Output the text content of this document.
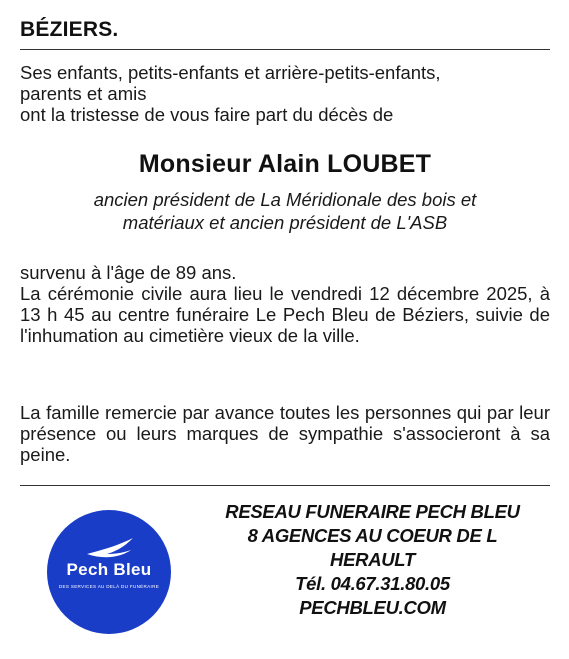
BÉZIERS.
Ses enfants, petits-enfants et arrière-petits-enfants,
parents et amis
ont la tristesse de vous faire part du décès de
Monsieur Alain LOUBET
ancien président de La Méridionale des bois et
matériaux et ancien président de L'ASB
survenu à l'âge de 89 ans.
La cérémonie civile aura lieu le vendredi 12 décembre 2025, à 13 h 45 au centre funéraire Le Pech Bleu de Béziers, suivie de l'inhumation au cimetière vieux de la ville.
La famille remercie par avance toutes les personnes qui par leur présence ou leurs marques de sympathie s'associeront à sa peine.
Pech Bleu
DES SERVICES AU DELÀ DU FUNÉRAIRE
RESEAU FUNERAIRE PECH BLEU
8 AGENCES AU COEUR DE L
HERAULT
Tél. 04.67.31.80.05
PECHBLEU.COM
